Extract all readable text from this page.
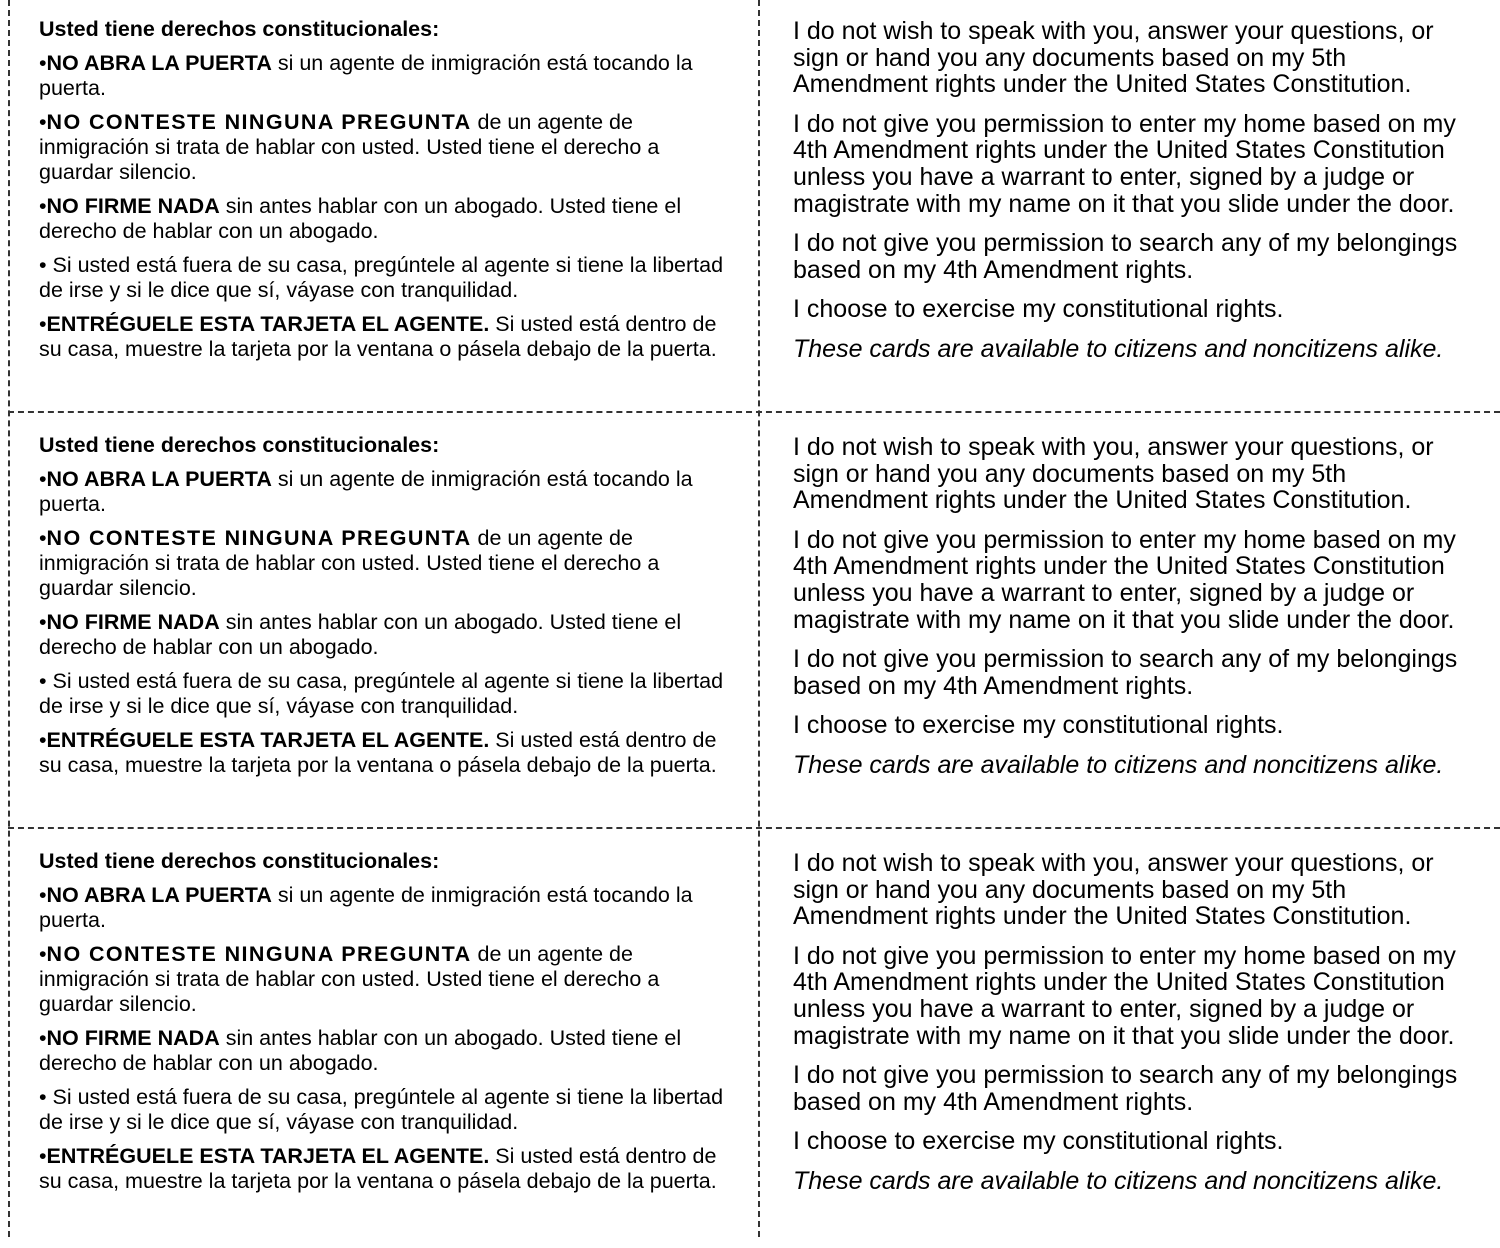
Usted tiene derechos constitucionales:

•NO ABRA LA PUERTA si un agente de inmigración está tocando la puerta.

•NO CONTESTE NINGUNA PREGUNTA de un agente de inmigración si trata de hablar con usted. Usted tiene el derecho a guardar silencio.

•NO FIRME NADA sin antes hablar con un abogado. Usted tiene el derecho de hablar con un abogado.

• Si usted está fuera de su casa, pregúntele al agente si tiene la libertad de irse y si le dice que sí, váyase con tranquilidad.

•ENTRÉGUELE ESTA TARJETA EL AGENTE. Si usted está dentro de su casa, muestre la tarjeta por la ventana o pásela debajo de la puerta.

I do not wish to speak with you, answer your questions, or sign or hand you any documents based on my 5th Amendment rights under the United States Constitution.

I do not give you permission to enter my home based on my 4th Amendment rights under the United States Constitution unless you have a warrant to enter, signed by a judge or magistrate with my name on it that you slide under the door.

I do not give you permission to search any of my belongings based on my 4th Amendment rights.

I choose to exercise my constitutional rights.

These cards are available to citizens and noncitizens alike.

Usted tiene derechos constitucionales:

•NO ABRA LA PUERTA si un agente de inmigración está tocando la puerta.

•NO CONTESTE NINGUNA PREGUNTA de un agente de inmigración si trata de hablar con usted. Usted tiene el derecho a guardar silencio.

•NO FIRME NADA sin antes hablar con un abogado. Usted tiene el derecho de hablar con un abogado.

• Si usted está fuera de su casa, pregúntele al agente si tiene la libertad de irse y si le dice que sí, váyase con tranquilidad.

•ENTRÉGUELE ESTA TARJETA EL AGENTE. Si usted está dentro de su casa, muestre la tarjeta por la ventana o pásela debajo de la puerta.

I do not wish to speak with you, answer your questions, or sign or hand you any documents based on my 5th Amendment rights under the United States Constitution.

I do not give you permission to enter my home based on my 4th Amendment rights under the United States Constitution unless you have a warrant to enter, signed by a judge or magistrate with my name on it that you slide under the door.

I do not give you permission to search any of my belongings based on my 4th Amendment rights.

I choose to exercise my constitutional rights.

These cards are available to citizens and noncitizens alike.

Usted tiene derechos constitucionales:

•NO ABRA LA PUERTA si un agente de inmigración está tocando la puerta.

•NO CONTESTE NINGUNA PREGUNTA de un agente de inmigración si trata de hablar con usted. Usted tiene el derecho a guardar silencio.

•NO FIRME NADA sin antes hablar con un abogado. Usted tiene el derecho de hablar con un abogado.

• Si usted está fuera de su casa, pregúntele al agente si tiene la libertad de irse y si le dice que sí, váyase con tranquilidad.

•ENTRÉGUELE ESTA TARJETA EL AGENTE. Si usted está dentro de su casa, muestre la tarjeta por la ventana o pásela debajo de la puerta.

I do not wish to speak with you, answer your questions, or sign or hand you any documents based on my 5th Amendment rights under the United States Constitution.

I do not give you permission to enter my home based on my 4th Amendment rights under the United States Constitution unless you have a warrant to enter, signed by a judge or magistrate with my name on it that you slide under the door.

I do not give you permission to search any of my belongings based on my 4th Amendment rights.

I choose to exercise my constitutional rights.

These cards are available to citizens and noncitizens alike.
